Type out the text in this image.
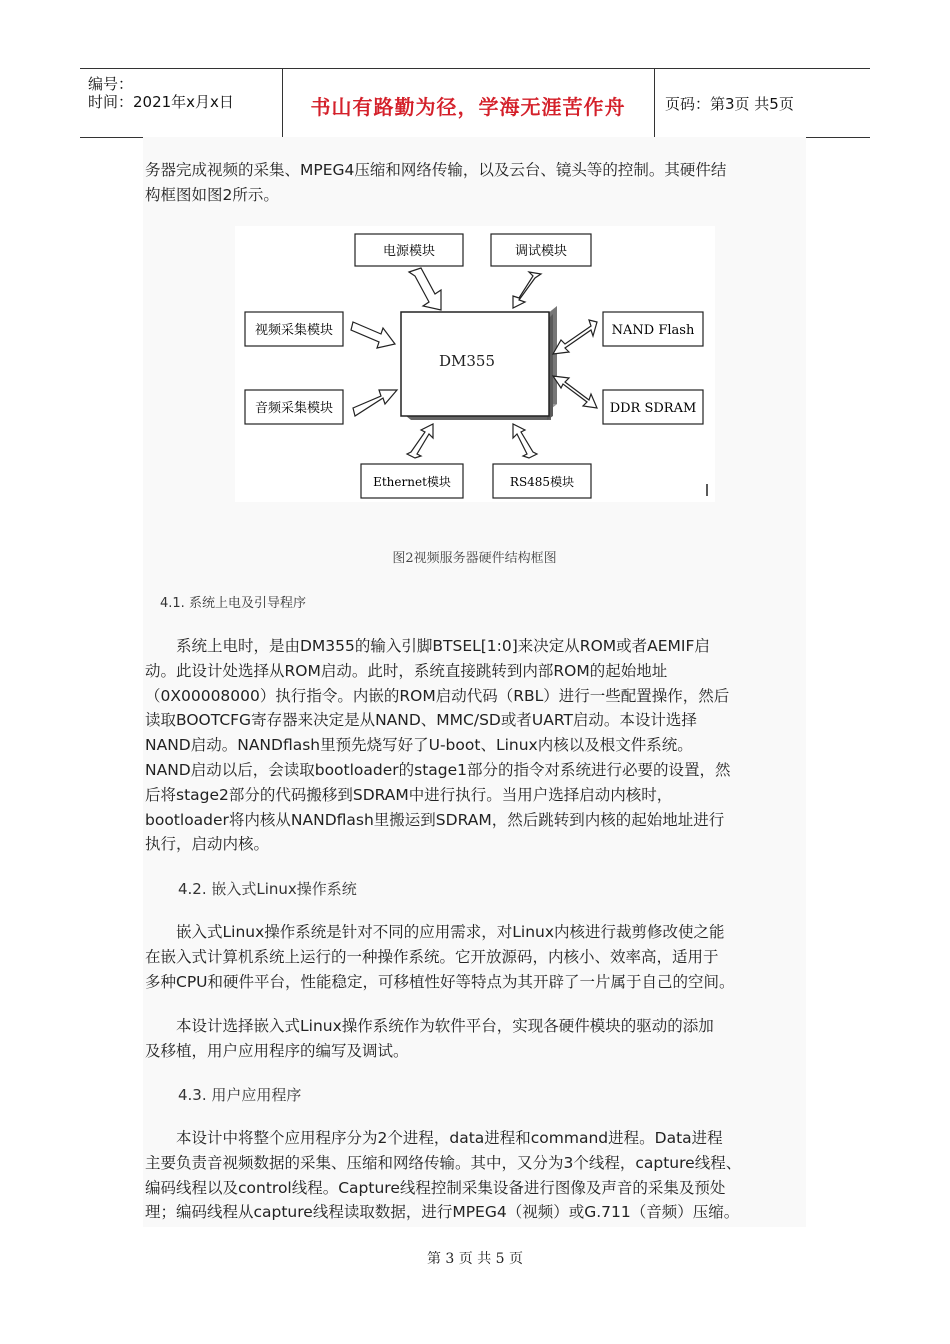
编号：
时间：2021年x月x日	书山有路勤为径，学海无涯苦作舟	页码：第3页 共5页
务器完成视频的采集、MPEG4压缩和网络传输，以及云台、镜头等的控制。其硬件结
构框图如图2所示。
DM355
电源模块	调试模块
视频采集模块
音频采集模块
NAND Flash
DDR SDRAM
Ethernet模块	RS485模块
图2视频服务器硬件结构框图
4.1. 系统上电及引导程序
　　系统上电时，是由DM355的输入引脚BTSEL[1:0]来决定从ROM或者AEMIF启
动。此设计处选择从ROM启动。此时，系统直接跳转到内部ROM的起始地址
（0X00008000）执行指令。内嵌的ROM启动代码（RBL）进行一些配置操作，然后
读取BOOTCFG寄存器来决定是从NAND、MMC/SD或者UART启动。本设计选择
NAND启动。NANDflash里预先烧写好了U-boot、Linux内核以及根文件系统。
NAND启动以后，会读取bootloader的stage1部分的指令对系统进行必要的设置，然
后将stage2部分的代码搬移到SDRAM中进行执行。当用户选择启动内核时，
bootloader将内核从NANDflash里搬运到SDRAM，然后跳转到内核的起始地址进行
执行，启动内核。
4.2. 嵌入式Linux操作系统
　　嵌入式Linux操作系统是针对不同的应用需求，对Linux内核进行裁剪修改使之能
在嵌入式计算机系统上运行的一种操作系统。它开放源码，内核小、效率高，适用于
多种CPU和硬件平台，性能稳定，可移植性好等特点为其开辟了一片属于自己的空间。
　　本设计选择嵌入式Linux操作系统作为软件平台，实现各硬件模块的驱动的添加
及移植，用户应用程序的编写及调试。
4.3. 用户应用程序
　　本设计中将整个应用程序分为2个进程，data进程和command进程。Data进程
主要负责音视频数据的采集、压缩和网络传输。其中，又分为3个线程，capture线程、
编码线程以及control线程。Capture线程控制采集设备进行图像及声音的采集及预处
理；编码线程从capture线程读取数据，进行MPEG4（视频）或G.711（音频）压缩。
第 3 页 共 5 页
